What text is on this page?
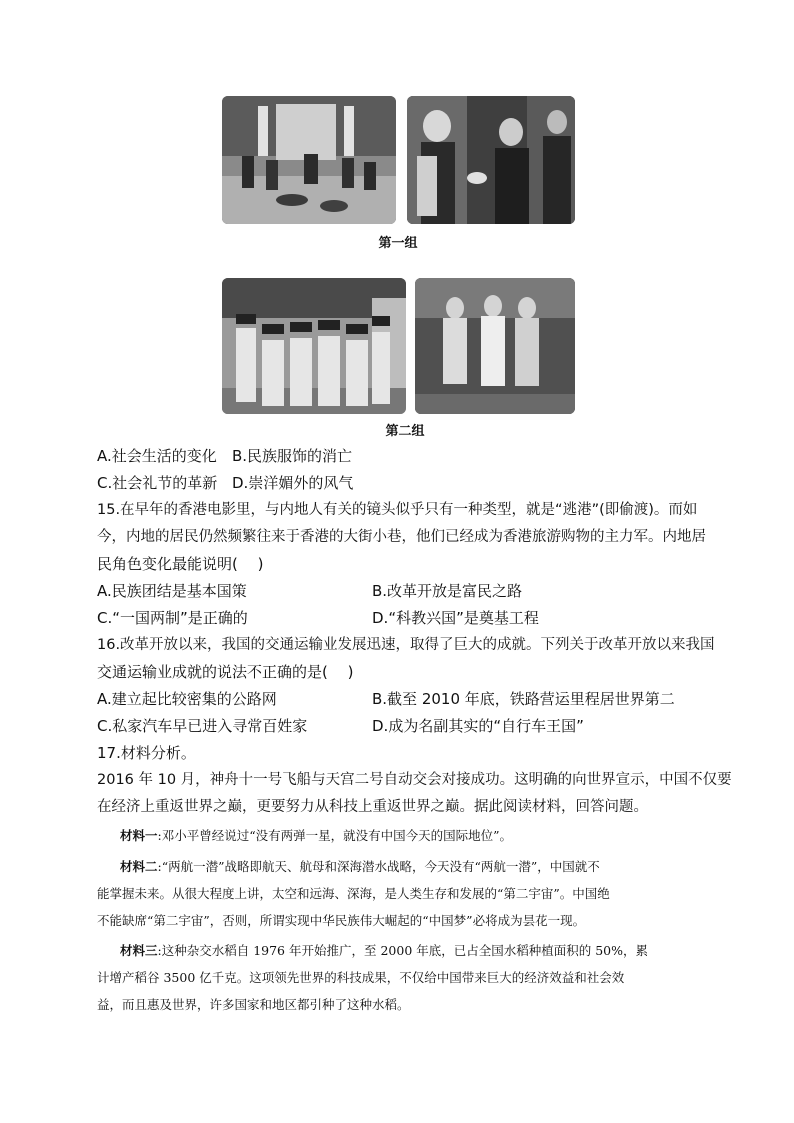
第一组
第二组
A.社会生活的变化 B.民族服饰的消亡
C.社会礼节的革新 D.崇洋媚外的风气
15.在早年的香港电影里，与内地人有关的镜头似乎只有一种类型，就是“逃港”(即偷渡)。而如
今，内地的居民仍然频繁往来于香港的大街小巷，他们已经成为香港旅游购物的主力军。内地居
民角色变化最能说明(　 )
A.民族团结是基本国策	B.改革开放是富民之路
C.“一国两制”是正确的	D.“科教兴国”是奠基工程
16.改革开放以来，我国的交通运输业发展迅速，取得了巨大的成就。下列关于改革开放以来我国
交通运输业成就的说法不正确的是(　 )
A.建立起比较密集的公路网	B.截至 2010 年底，铁路营运里程居世界第二
C.私家汽车早已进入寻常百姓家	D.成为名副其实的“自行车王国”
17.材料分析。
2016 年 10 月，神舟十一号飞船与天宫二号自动交会对接成功。这明确的向世界宣示，中国不仅要
在经济上重返世界之巅，更要努力从科技上重返世界之巅。据此阅读材料，回答问题。
材料一:邓小平曾经说过“没有两弹一星，就没有中国今天的国际地位”。
材料二:“两航一潜”战略即航天、航母和深海潜水战略，今天没有“两航一潜”，中国就不
能掌握未来。从很大程度上讲，太空和远海、深海，是人类生存和发展的“第二宇宙”。中国绝
不能缺席“第二宇宙”，否则，所谓实现中华民族伟大崛起的“中国梦”必将成为昙花一现。
材料三:这种杂交水稻自 1976 年开始推广，至 2000 年底，已占全国水稻种植面积的 50%，累
计增产稻谷 3500 亿千克。这项领先世界的科技成果，不仅给中国带来巨大的经济效益和社会效
益，而且惠及世界，许多国家和地区都引种了这种水稻。
